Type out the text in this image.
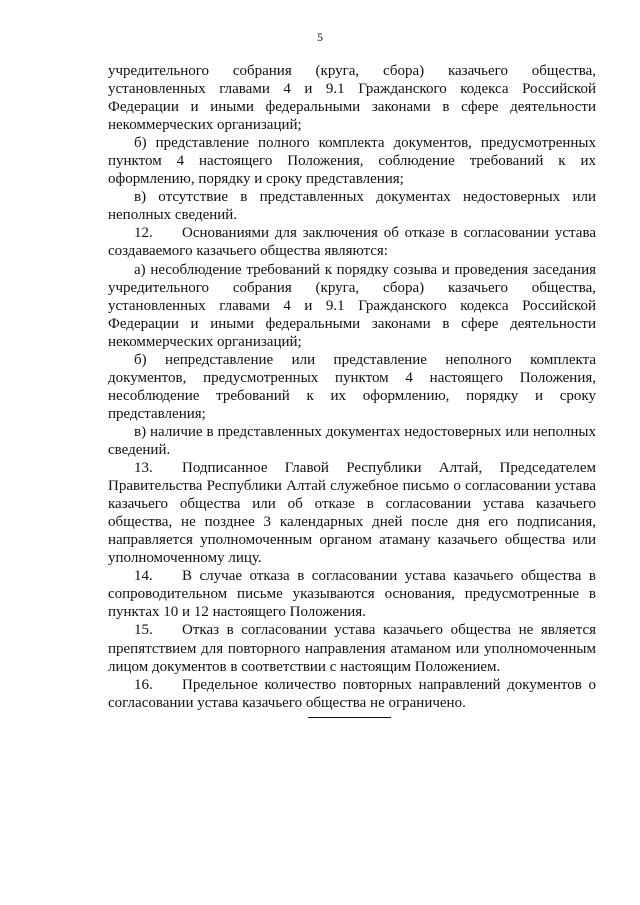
5

учредительного собрания (круга, сбора) казачьего общества, установленных главами 4 и 9.1 Гражданского кодекса Российской Федерации и иными федеральными законами в сфере деятельности некоммерческих организаций;

б) представление полного комплекта документов, предусмотренных пунктом 4 настоящего Положения, соблюдение требований к их оформлению, порядку и сроку представления;

в) отсутствие в представленных документах недостоверных или неполных сведений.

12. Основаниями для заключения об отказе в согласовании устава создаваемого казачьего общества являются:

а) несоблюдение требований к порядку созыва и проведения заседания учредительного собрания (круга, сбора) казачьего общества, установленных главами 4 и 9.1 Гражданского кодекса Российской Федерации и иными федеральными законами в сфере деятельности некоммерческих организаций;

б) непредставление или представление неполного комплекта документов, предусмотренных пунктом 4 настоящего Положения, несоблюдение требований к их оформлению, порядку и сроку представления;

в) наличие в представленных документах недостоверных или неполных сведений.

13. Подписанное Главой Республики Алтай, Председателем Правительства Республики Алтай служебное письмо о согласовании устава казачьего общества или об отказе в согласовании устава казачьего общества, не позднее 3 календарных дней после дня его подписания, направляется уполномоченным органом атаману казачьего общества или уполномоченному лицу.

14. В случае отказа в согласовании устава казачьего общества в сопроводительном письме указываются основания, предусмотренные в пунктах 10 и 12 настоящего Положения.

15. Отказ в согласовании устава казачьего общества не является препятствием для повторного направления атаманом или уполномоченным лицом документов в соответствии с настоящим Положением.

16. Предельное количество повторных направлений документов о согласовании устава казачьего общества не ограничено.
